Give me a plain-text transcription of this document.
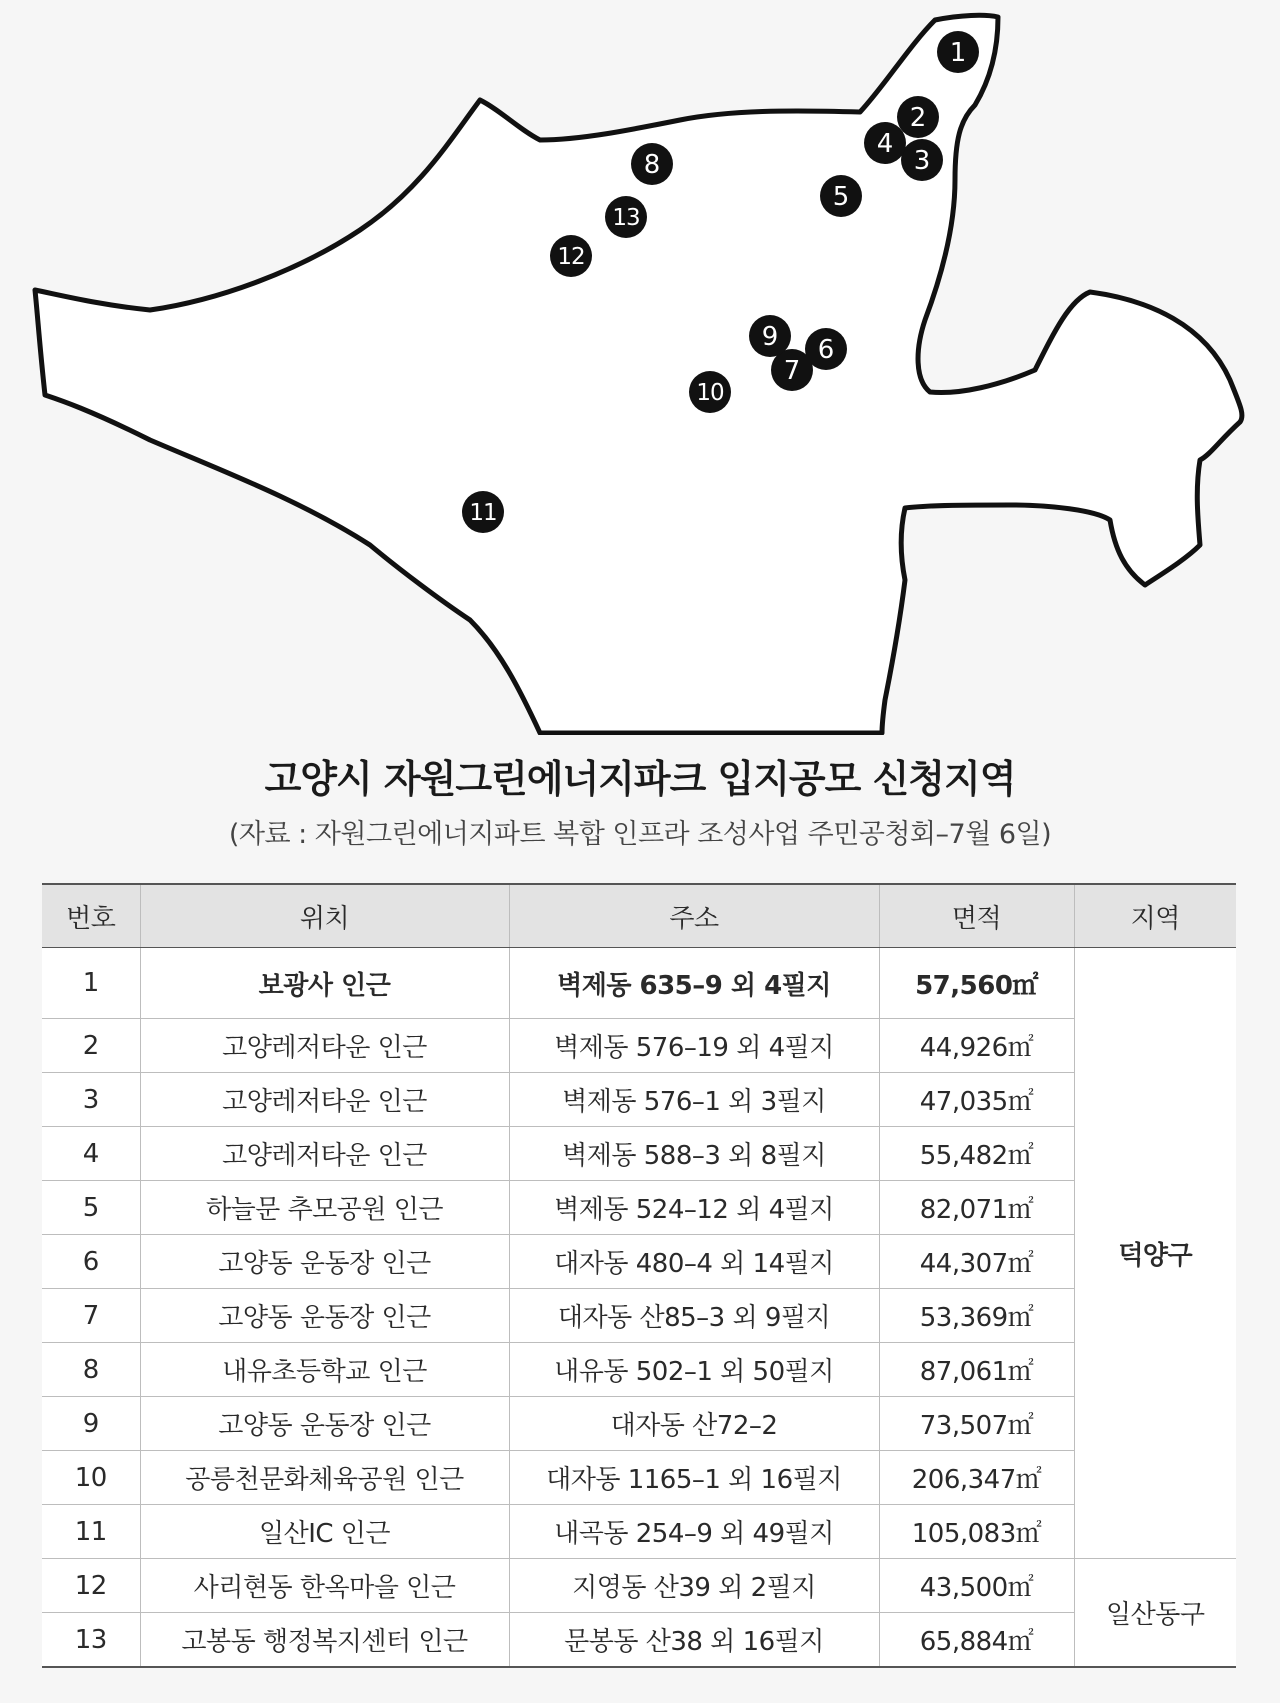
1
2
3
4
5
6
7
8
9
10
11
12
13
고양시 자원그린에너지파크 입지공모 신청지역
(자료 : 자원그린에너지파트 복합 인프라 조성사업 주민공청회–7월 6일)
번호	위치	주소	면적	지역
1	보광사 인근	벽제동 635–9 외 4필지	57,560㎡	덕양구
2	고양레저타운 인근	벽제동 576–19 외 4필지	44,926㎡	
3	고양레저타운 인근	벽제동 576–1 외 3필지	47,035㎡	
4	고양레저타운 인근	벽제동 588–3 외 8필지	55,482㎡	
5	하늘문 추모공원 인근	벽제동 524–12 외 4필지	82,071㎡	
6	고양동 운동장 인근	대자동 480–4 외 14필지	44,307㎡	
7	고양동 운동장 인근	대자동 산85–3 외 9필지	53,369㎡	
8	내유초등학교 인근	내유동 502–1 외 50필지	87,061㎡	
9	고양동 운동장 인근	대자동 산72–2	73,507㎡	
10	공릉천문화체육공원 인근	대자동 1165–1 외 16필지	206,347㎡	
11	일산IC 인근	내곡동 254–9 외 49필지	105,083㎡	
12	사리현동 한옥마을 인근	지영동 산39 외 2필지	43,500㎡	일산동구
13	고봉동 행정복지센터 인근	문봉동 산38 외 16필지	65,884㎡	
